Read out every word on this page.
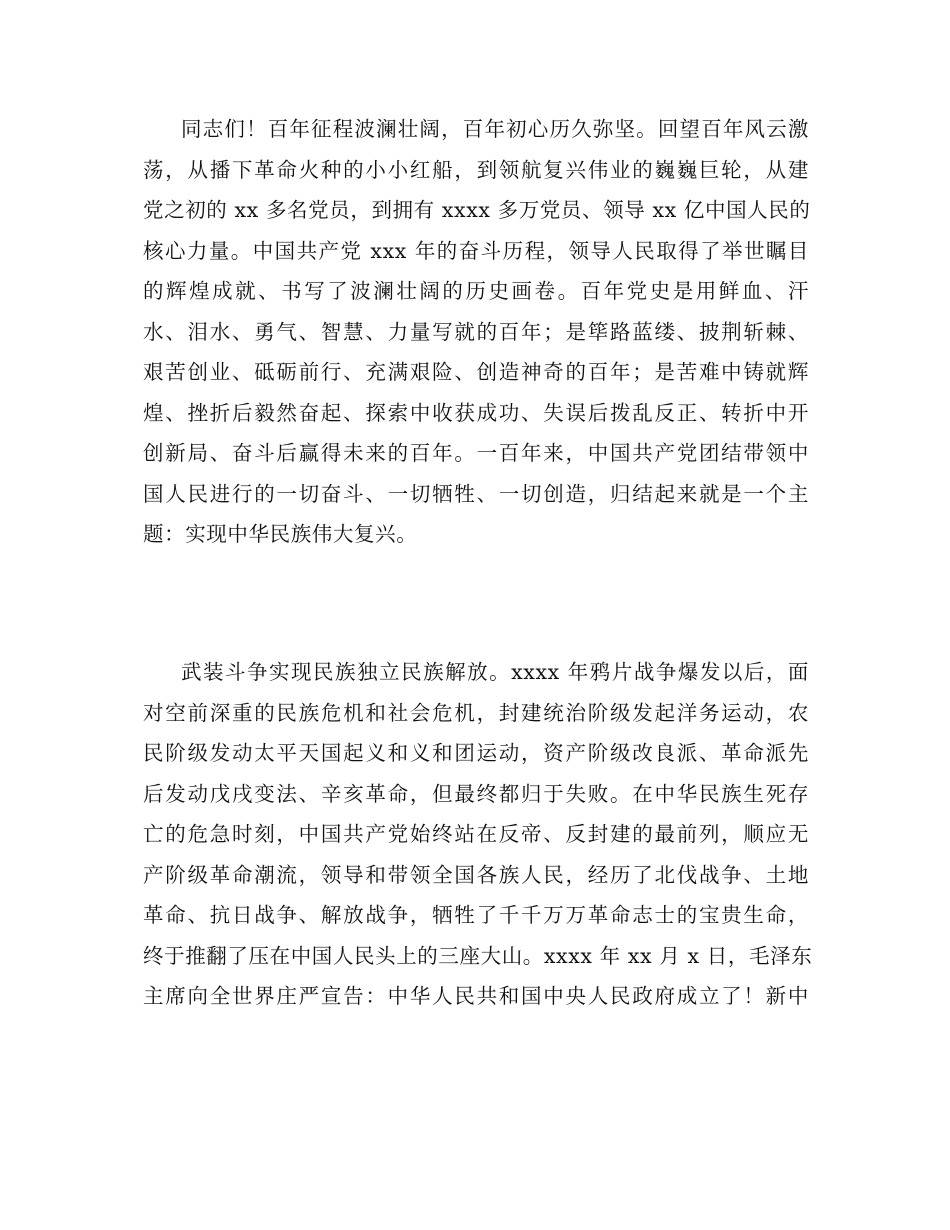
同志们！百年征程波澜壮阔，百年初心历久弥坚。回望百年风云激
荡，从播下革命火种的小小红船，到领航复兴伟业的巍巍巨轮，从建
党之初的 xx 多名党员，到拥有 xxxx 多万党员、领导 xx 亿中国人民的
核心力量。中国共产党 xxx 年的奋斗历程，领导人民取得了举世瞩目
的辉煌成就、书写了波澜壮阔的历史画卷。百年党史是用鲜血、汗
水、泪水、勇气、智慧、力量写就的百年；是筚路蓝缕、披荆斩棘、
艰苦创业、砥砺前行、充满艰险、创造神奇的百年；是苦难中铸就辉
煌、挫折后毅然奋起、探索中收获成功、失误后拨乱反正、转折中开
创新局、奋斗后赢得未来的百年。一百年来，中国共产党团结带领中
国人民进行的一切奋斗、一切牺牲、一切创造，归结起来就是一个主
题：实现中华民族伟大复兴。
武装斗争实现民族独立民族解放。xxxx 年鸦片战争爆发以后，面
对空前深重的民族危机和社会危机，封建统治阶级发起洋务运动，农
民阶级发动太平天国起义和义和团运动，资产阶级改良派、革命派先
后发动戊戌变法、辛亥革命，但最终都归于失败。在中华民族生死存
亡的危急时刻，中国共产党始终站在反帝、反封建的最前列，顺应无
产阶级革命潮流，领导和带领全国各族人民，经历了北伐战争、土地
革命、抗日战争、解放战争，牺牲了千千万万革命志士的宝贵生命，
终于推翻了压在中国人民头上的三座大山。xxxx 年 xx 月 x 日，毛泽东
主席向全世界庄严宣告：中华人民共和国中央人民政府成立了！新中
